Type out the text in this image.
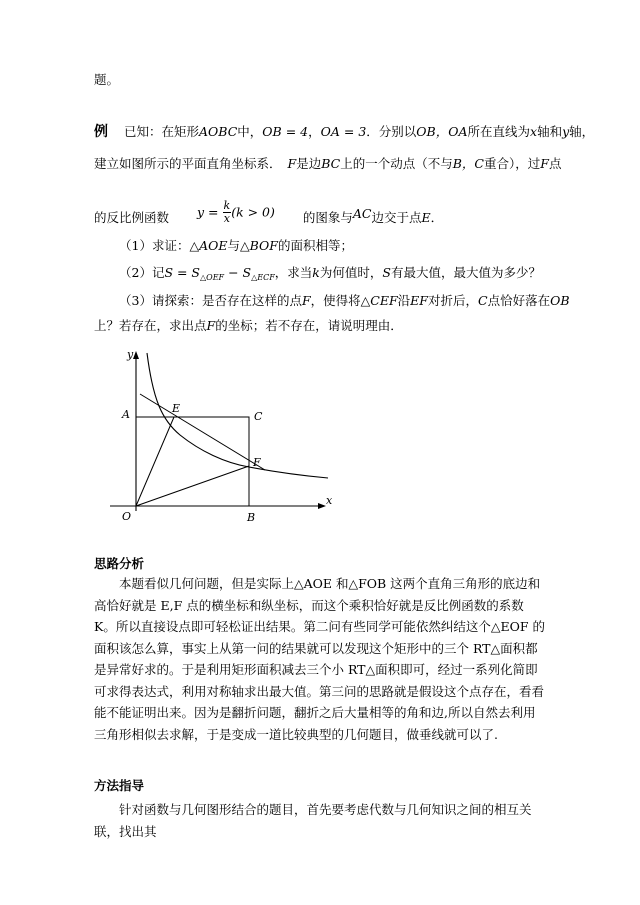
题。
例 已知：在矩形AOBC中，OB = 4，OA = 3．分别以OB，OA所在直线为x轴和y轴，
建立如图所示的平面直角坐标系． F是边BC上的一个动点（不与B，C重合），过F点
的反比例函数 $y = \frac{k}{x} (k > 0)$ 的图象与AC边交于点E．
（1）求证：△AOE与△BOF的面积相等；
（2）记$S = S_{\triangle OEF} - S_{\triangle ECF}$，求当k为何值时，S有最大值，最大值为多少？
（3）请探索：是否存在这样的点F，使得将△CEF沿EF对折后，C点恰好落在OB
上？若存在，求出点F的坐标；若不存在，请说明理由．
y
x
A	E
C
F
O	B
思路分析
本题看似几何问题，但是实际上△AOE 和△FOB 这两个直角三角形的底边和高恰好就是 E,F 点的横坐标和纵坐标，而这个乘积恰好就是反比例函数的系数 K。所以直接设点即可轻松证出结果。第二问有些同学可能依然纠结这个△EOF 的面积该怎么算，事实上从第一问的结果就可以发现这个矩形中的三个 RT△面积都是异常好求的。于是利用矩形面积减去三个小 RT△面积即可，经过一系列化简即可求得表达式，利用对称轴求出最大值。第三问的思路就是假设这个点存在，看看能不能证明出来。因为是翻折问题，翻折之后大量相等的角和边,所以自然去利用三角形相似去求解，于是变成一道比较典型的几何题目，做垂线就可以了.
方法指导
针对函数与几何图形结合的题目，首先要考虑代数与几何知识之间的相互关联，找出其
